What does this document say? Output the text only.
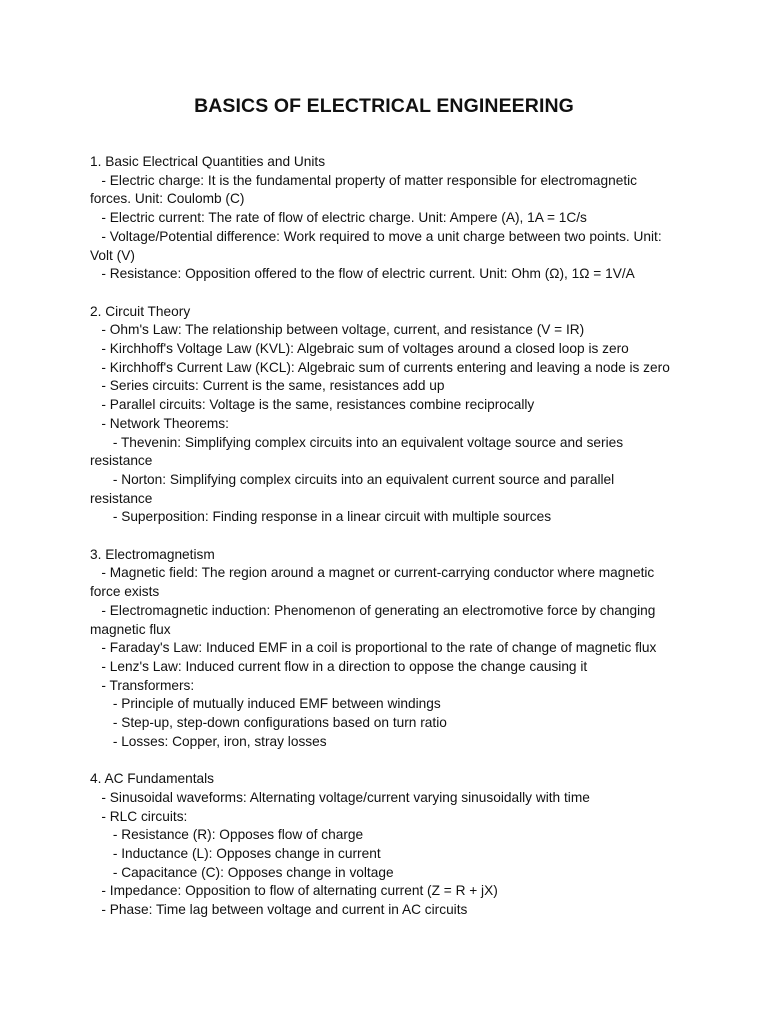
BASICS OF ELECTRICAL ENGINEERING
1. Basic Electrical Quantities and Units
- Electric charge: It is the fundamental property of matter responsible for electromagnetic
forces. Unit: Coulomb (C)
- Electric current: The rate of flow of electric charge. Unit: Ampere (A), 1A = 1C/s
- Voltage/Potential difference: Work required to move a unit charge between two points. Unit:
Volt (V)
- Resistance: Opposition offered to the flow of electric current. Unit: Ohm (Ω), 1Ω = 1V/A
2. Circuit Theory
- Ohm's Law: The relationship between voltage, current, and resistance (V = IR)
- Kirchhoff's Voltage Law (KVL): Algebraic sum of voltages around a closed loop is zero
- Kirchhoff's Current Law (KCL): Algebraic sum of currents entering and leaving a node is zero
- Series circuits: Current is the same, resistances add up
- Parallel circuits: Voltage is the same, resistances combine reciprocally
- Network Theorems:
- Thevenin: Simplifying complex circuits into an equivalent voltage source and series
resistance
- Norton: Simplifying complex circuits into an equivalent current source and parallel
resistance
- Superposition: Finding response in a linear circuit with multiple sources
3. Electromagnetism
- Magnetic field: The region around a magnet or current-carrying conductor where magnetic
force exists
- Electromagnetic induction: Phenomenon of generating an electromotive force by changing
magnetic flux
- Faraday's Law: Induced EMF in a coil is proportional to the rate of change of magnetic flux
- Lenz's Law: Induced current flow in a direction to oppose the change causing it
- Transformers:
- Principle of mutually induced EMF between windings
- Step-up, step-down configurations based on turn ratio
- Losses: Copper, iron, stray losses
4. AC Fundamentals
- Sinusoidal waveforms: Alternating voltage/current varying sinusoidally with time
- RLC circuits:
- Resistance (R): Opposes flow of charge
- Inductance (L): Opposes change in current
- Capacitance (C): Opposes change in voltage
- Impedance: Opposition to flow of alternating current (Z = R + jX)
- Phase: Time lag between voltage and current in AC circuits
